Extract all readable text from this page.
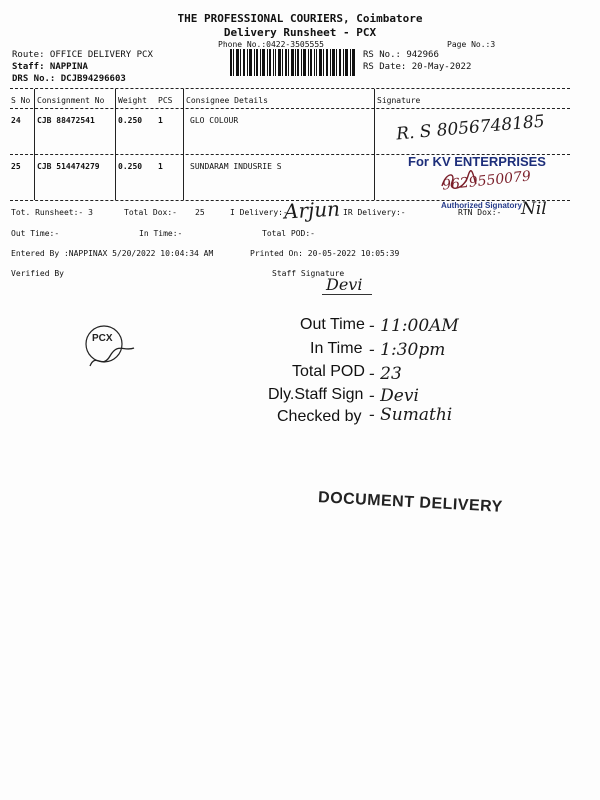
THE PROFESSIONAL COURIERS, Coimbatore
Delivery Runsheet - PCX
Phone No.:0422-3505555	Page No.:3
Route: OFFICE DELIVERY PCX
Staff: NAPPINA
DRS No.: DCJB94296603
RS No.: 942966
RS Date: 20-May-2022
S No Consignment No Weight PCS Consignee Details	Signature
24 CJB 88472541	0.250 1	GLO COLOUR	R. S 8056748185
25 CJB 514474279 0.250 1	SUNDARAM INDUSRIE S	For KV ENTERPRISES
9629550079
Authorized Signatory
Tot. Runsheet:- 3	Total Dox:- 25	I Delivery:-
Arjun IR Delivery:-	RTN Dox:- Nil
Out Time:-	In Time:-	Total POD:-
Entered By :NAPPINAX 5/20/2022 10:04:34 AM	Printed On: 20-05-2022 10:05:39
Verified By	Staff Signature
Devi
PCX
Out Time - 11:00AM
In Time - 1:30pm
Total POD - 23
Dly.Staff Sign - Devi
Checked by - Sumathi
DOCUMENT DELIVERY
